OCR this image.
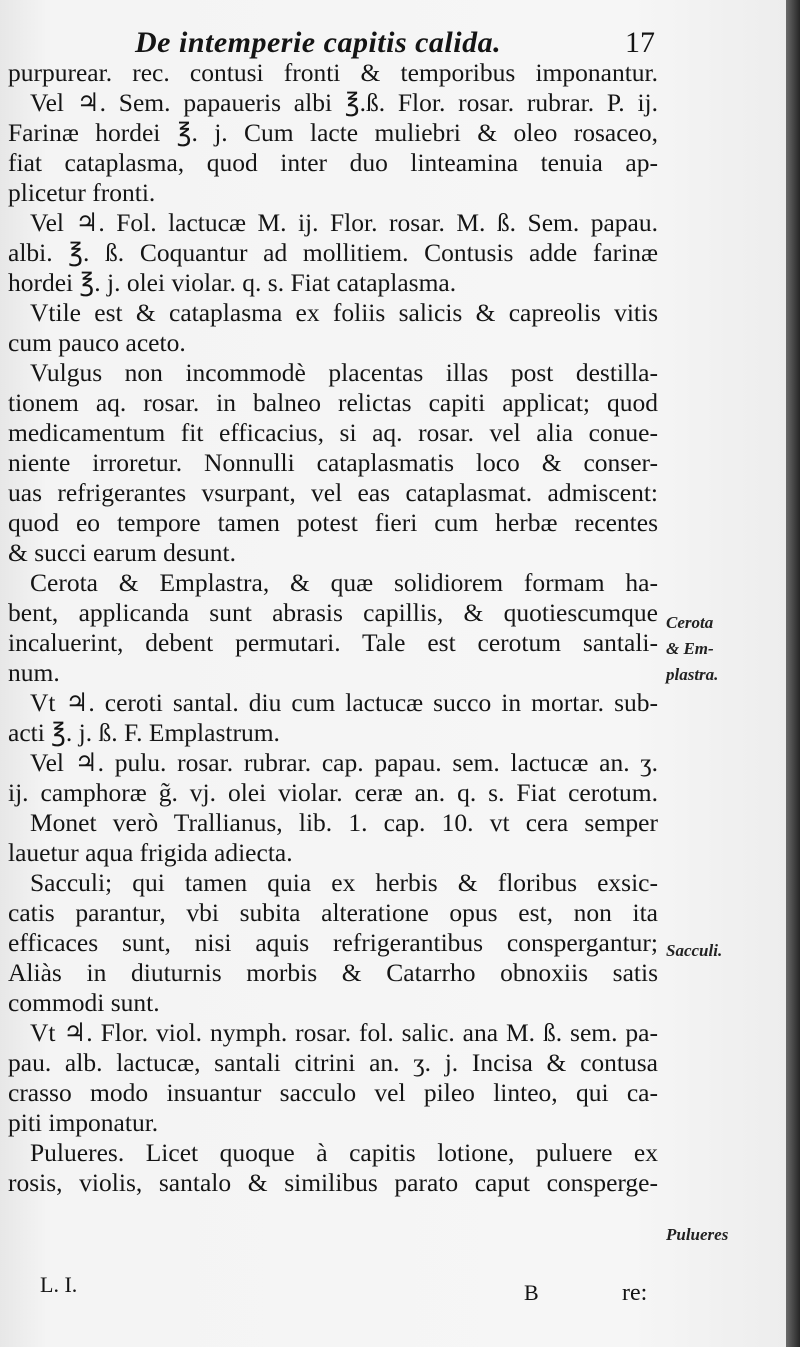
De intemperie capitis calida.	17
purpurear. rec. contusi fronti & temporibus imponantur.
Vel ♃. Sem. papaueris albi ℥.ß. Flor. rosar. rubrar. P. ij.
Farinæ hordei ℥. j. Cum lacte muliebri & oleo rosaceo,
fiat cataplasma, quod inter duo linteamina tenuia ap-
plicetur fronti.
Vel ♃. Fol. lactucæ M. ij. Flor. rosar. M. ß. Sem. papau.
albi. ℥. ß. Coquantur ad mollitiem. Contusis adde farinæ
hordei ℥. j. olei violar. q. s. Fiat cataplasma.
Vtile est & cataplasma ex foliis salicis & capreolis vitis
cum pauco aceto.
Vulgus non incommodè placentas illas post destilla-
tionem aq. rosar. in balneo relictas capiti applicat; quod
medicamentum fit efficacius, si aq. rosar. vel alia conue-
niente irroretur. Nonnulli cataplasmatis loco & conser-
uas refrigerantes vsurpant, vel eas cataplasmat. admiscent:
quod eo tempore tamen potest fieri cum herbæ recentes
& succi earum desunt.
Cerota & Emplastra, & quæ solidiorem formam ha-
bent, applicanda sunt abrasis capillis, & quotiescumque
incaluerint, debent permutari. Tale est cerotum santali-
num.
Vt ♃. ceroti santal. diu cum lactucæ succo in mortar. sub-
acti ℥. j. ß. F. Emplastrum.
Vel ♃. pulu. rosar. rubrar. cap. papau. sem. lactucæ an. ʒ.
ij. camphoræ g̃. vj. olei violar. ceræ an. q. s. Fiat cerotum.
Monet verò Trallianus, lib. 1. cap. 10. vt cera semper
lauetur aqua frigida adiecta.
Sacculi; qui tamen quia ex herbis & floribus exsic-
catis parantur, vbi subita alteratione opus est, non ita
efficaces sunt, nisi aquis refrigerantibus conspergantur;
Aliàs in diuturnis morbis & Catarrho obnoxiis satis
commodi sunt.
Vt ♃. Flor. viol. nymph. rosar. fol. salic. ana M. ß. sem. pa-
pau. alb. lactucæ, santali citrini an. ʒ. j. Incisa & contusa
crasso modo insuantur sacculo vel pileo linteo, qui ca-
piti imponatur.
Pulueres. Licet quoque à capitis lotione, puluere ex
rosis, violis, santalo & similibus parato caput consperge-
Cerota
& Em-
plastra.
Sacculi.
Pulueres
L. I.	B	re:
